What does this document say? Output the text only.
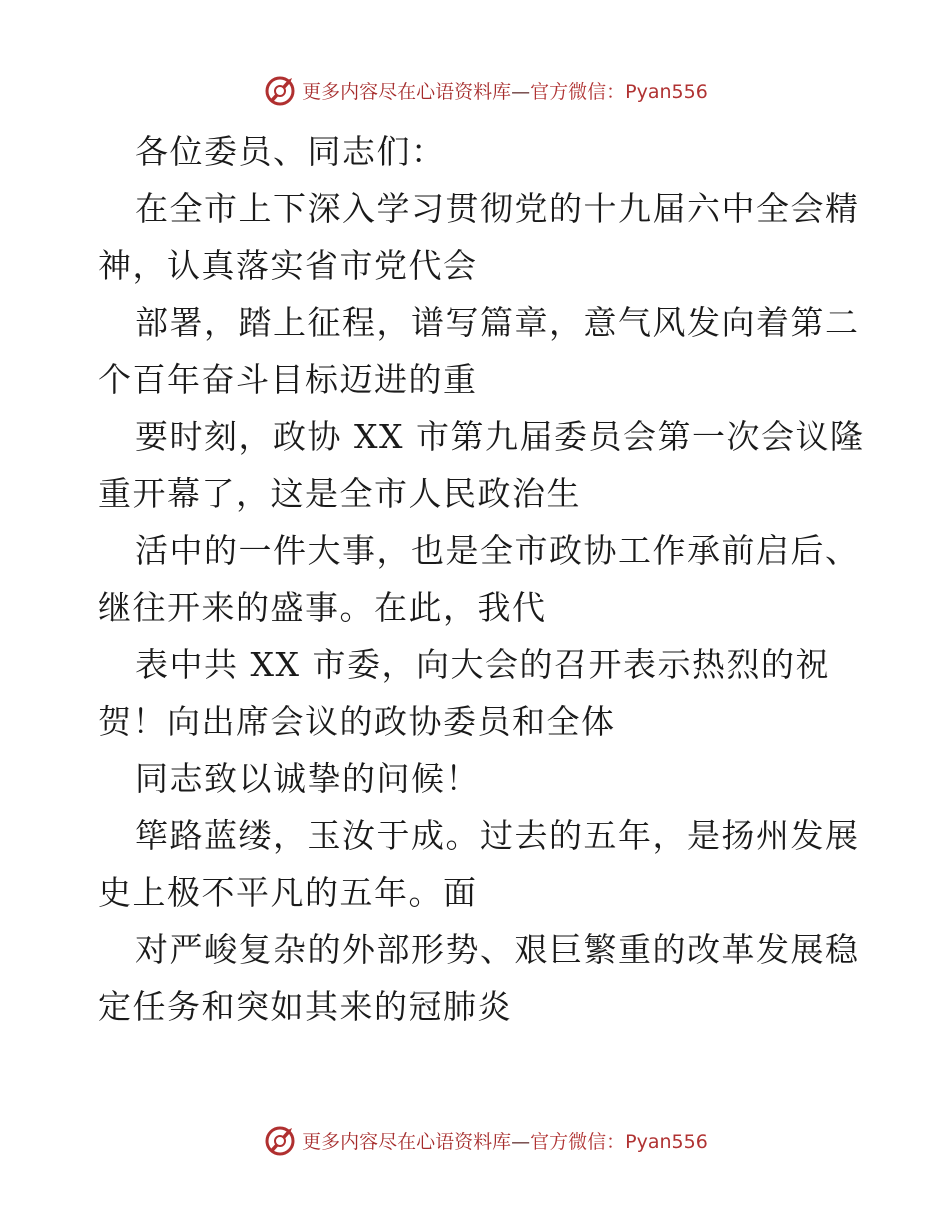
更多内容尽在心语资料库—官方微信：Pyan556
各位委员、同志们：
在全市上下深入学习贯彻党的十九届六中全会精
神，认真落实省市党代会
部署，踏上征程，谱写篇章，意气风发向着第二
个百年奋斗目标迈进的重
要时刻，政协 XX 市第九届委员会第一次会议隆
重开幕了，这是全市人民政治生
活中的一件大事，也是全市政协工作承前启后、
继往开来的盛事。在此，我代
表中共 XX 市委，向大会的召开表示热烈的祝
贺！向出席会议的政协委员和全体
同志致以诚挚的问候！
筚路蓝缕，玉汝于成。过去的五年，是扬州发展
史上极不平凡的五年。面
对严峻复杂的外部形势、艰巨繁重的改革发展稳
定任务和突如其来的冠肺炎
更多内容尽在心语资料库—官方微信：Pyan556
